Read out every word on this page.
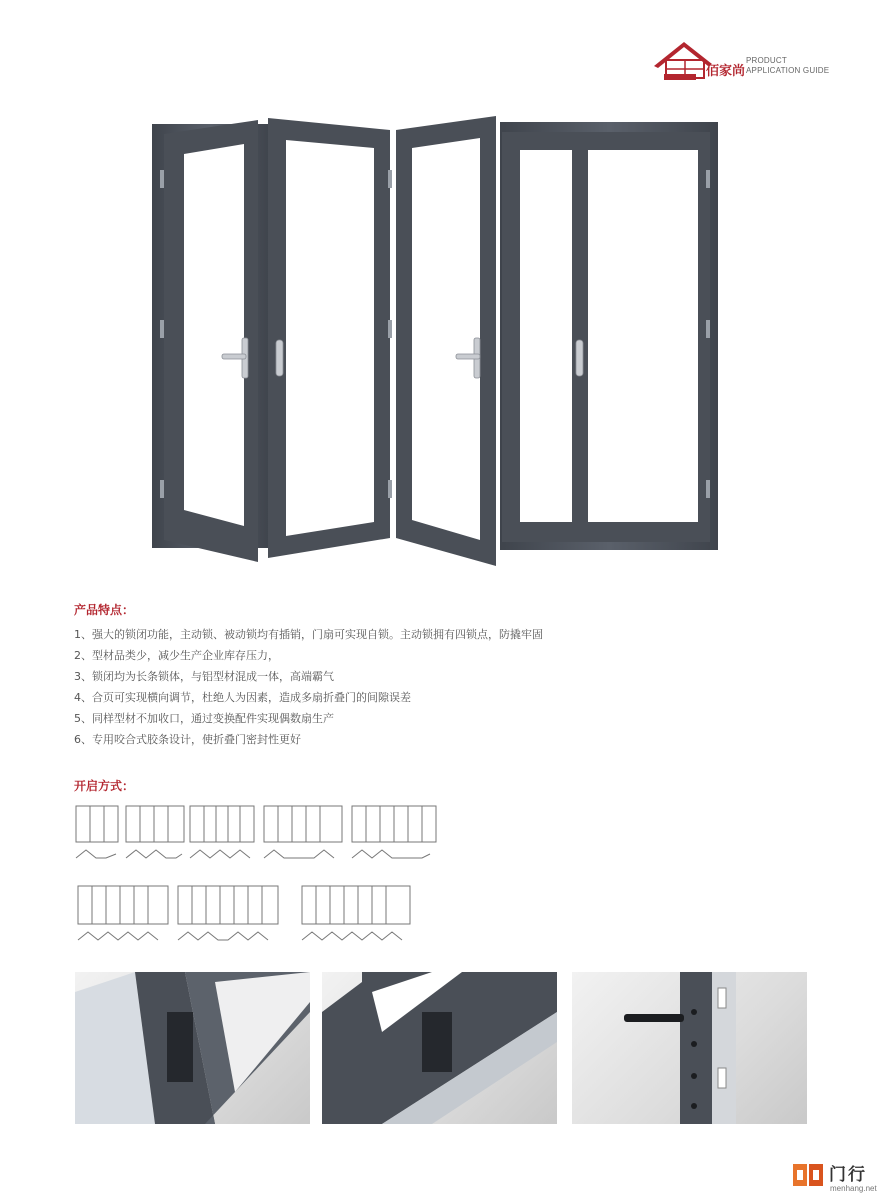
佰家尚
PRODUCT
APPLICATION GUIDE
产品特点：
1、强大的锁闭功能，主动锁、被动锁均有插销，门扇可实现自锁。主动锁拥有四锁点，防撬牢固
2、型材品类少，减少生产企业库存压力，
3、锁闭均为长条锁体，与铝型材混成一体，高端霸气
4、合页可实现横向调节，杜绝人为因素，造成多扇折叠门的间隙误差
5、同样型材不加收口，通过变换配件实现偶数扇生产
6、专用咬合式胶条设计，使折叠门密封性更好
开启方式：
门行
menhang.net
